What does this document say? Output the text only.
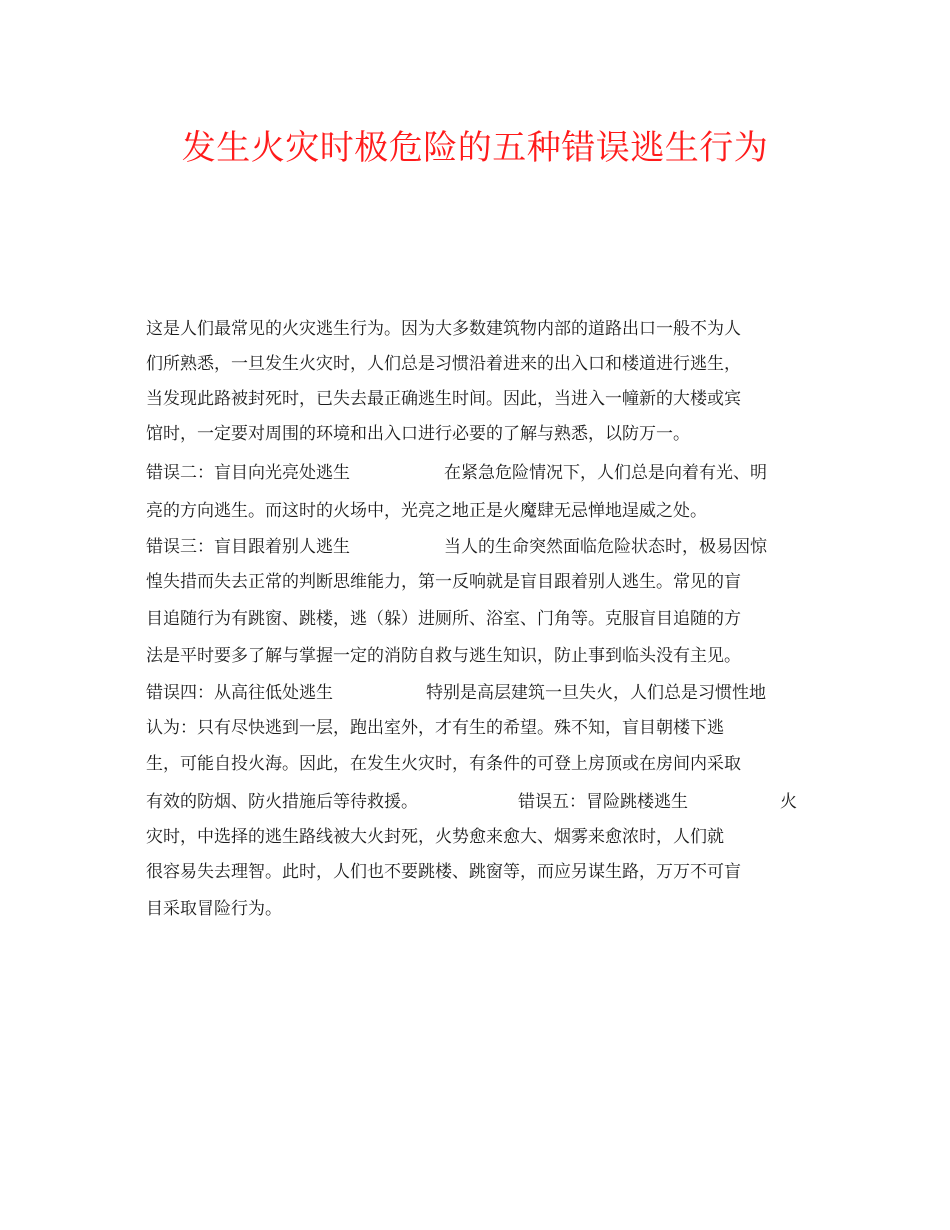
发生火灾时极危险的五种错误逃生行为
这是人们最常见的火灾逃生行为。因为大多数建筑物内部的道路出口一般不为人
们所熟悉，一旦发生火灾时，人们总是习惯沿着进来的出入口和楼道进行逃生，
当发现此路被封死时，已失去最正确逃生时间。因此，当进入一幢新的大楼或宾
馆时，一定要对周围的环境和出入口进行必要的了解与熟悉，以防万一。
错误二：盲目向光亮处逃生	在紧急危险情况下，人们总是向着有光、明
亮的方向逃生。而这时的火场中，光亮之地正是火魔肆无忌惮地逞威之处。
错误三：盲目跟着别人逃生	当人的生命突然面临危险状态时，极易因惊
惶失措而失去正常的判断思维能力，第一反响就是盲目跟着别人逃生。常见的盲
目追随行为有跳窗、跳楼，逃（躲）进厕所、浴室、门角等。克服盲目追随的方
法是平时要多了解与掌握一定的消防自救与逃生知识，防止事到临头没有主见。
错误四：从高往低处逃生	特别是高层建筑一旦失火，人们总是习惯性地
认为：只有尽快逃到一层，跑出室外，才有生的希望。殊不知，盲目朝楼下逃
生，可能自投火海。因此，在发生火灾时，有条件的可登上房顶或在房间内采取
有效的防烟、防火措施后等待救援。	错误五：冒险跳楼逃生	火
灾时，中选择的逃生路线被大火封死，火势愈来愈大、烟雾来愈浓时，人们就
很容易失去理智。此时，人们也不要跳楼、跳窗等，而应另谋生路，万万不可盲
目采取冒险行为。
